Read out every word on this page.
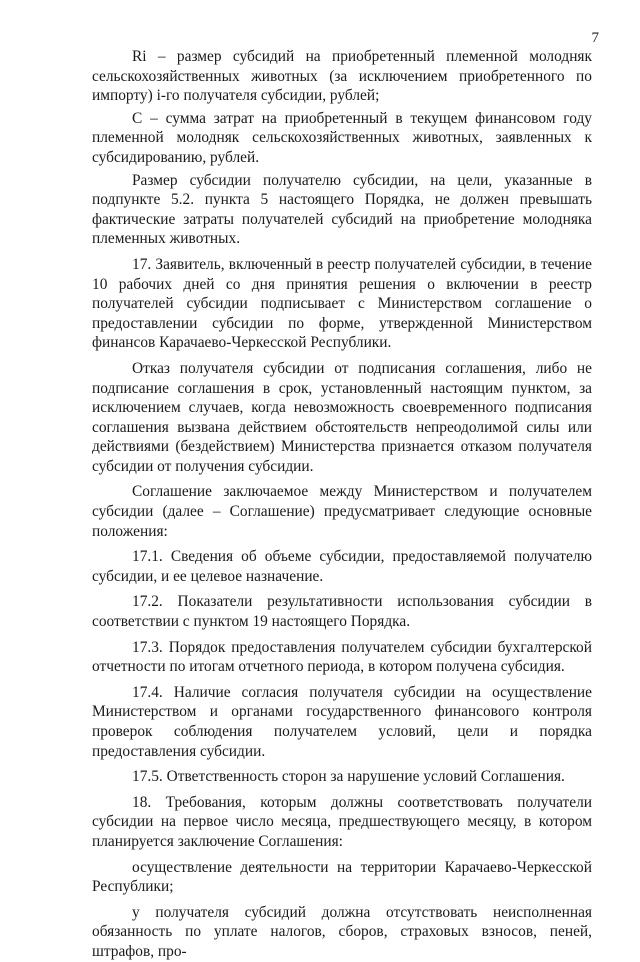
7

Ri – размер субсидий на приобретенный племенной молодняк сельскохозяйственных животных (за исключением приобретенного по импорту) i-го получателя субсидии, рублей;

С – сумма затрат на приобретенный в текущем финансовом году племенной молодняк сельскохозяйственных животных, заявленных к субсидированию, рублей.

Размер субсидии получателю субсидии, на цели, указанные в подпункте 5.2. пункта 5 настоящего Порядка, не должен превышать фактические затраты получателей субсидий на приобретение молодняка племенных животных.

17. Заявитель, включенный в реестр получателей субсидии, в течение 10 рабочих дней со дня принятия решения о включении в реестр получателей субсидии подписывает с Министерством соглашение о предоставлении субсидии по форме, утвержденной Министерством финансов Карачаево-Черкесской Республики.

Отказ получателя субсидии от подписания соглашения, либо не подписание соглашения в срок, установленный настоящим пунктом, за исключением случаев, когда невозможность своевременного подписания соглашения вызвана действием обстоятельств непреодолимой силы или действиями (бездействием) Министерства признается отказом получателя субсидии от получения субсидии.

Соглашение заключаемое между Министерством и получателем субсидии (далее – Соглашение) предусматривает следующие основные положения:

17.1. Сведения об объеме субсидии, предоставляемой получателю субсидии, и ее целевое назначение.

17.2. Показатели результативности использования субсидии в соответствии с пунктом 19 настоящего Порядка.

17.3. Порядок предоставления получателем субсидии бухгалтерской отчетности по итогам отчетного периода, в котором получена субсидия.

17.4. Наличие согласия получателя субсидии на осуществление Министерством и органами государственного финансового контроля проверок соблюдения получателем условий, цели и порядка предоставления субсидии.

17.5. Ответственность сторон за нарушение условий Соглашения.

18. Требования, которым должны соответствовать получатели субсидии на первое число месяца, предшествующего месяцу, в котором планируется заключение Соглашения:

осуществление деятельности на территории Карачаево-Черкесской Республики;

у получателя субсидий должна отсутствовать неисполненная обязанность по уплате налогов, сборов, страховых взносов, пеней, штрафов, про-
